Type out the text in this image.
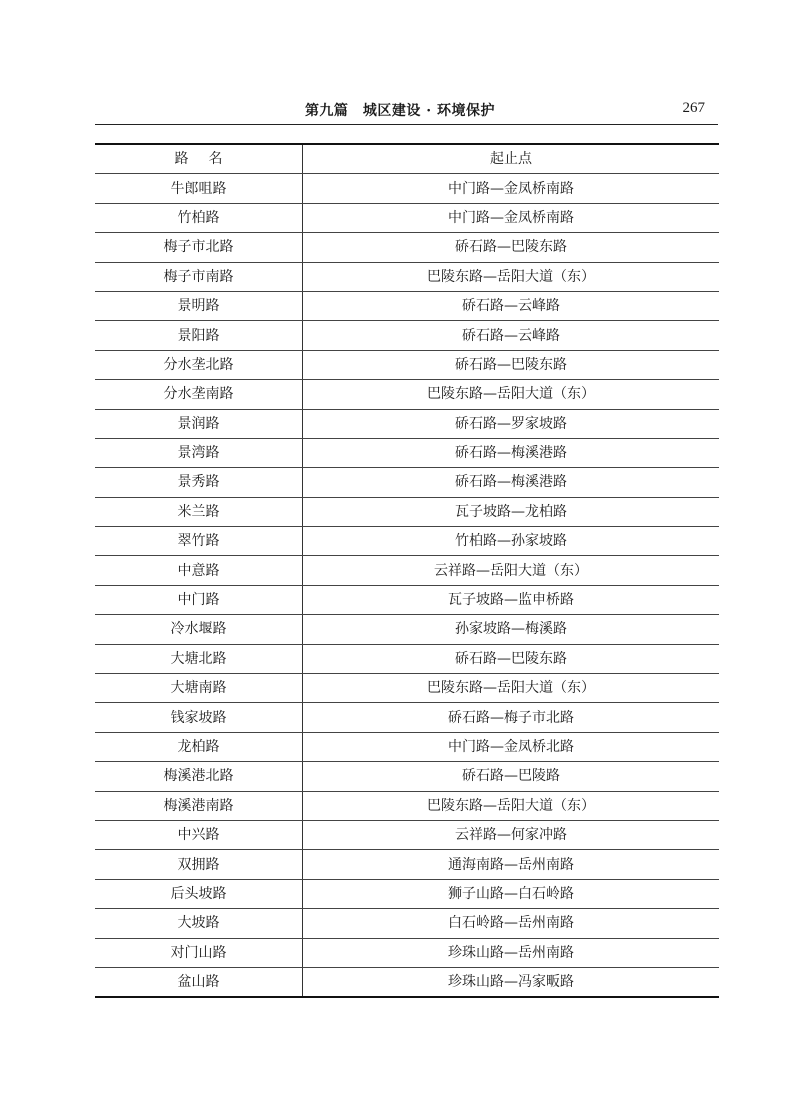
第九篇　城区建设 · 环境保护	267
路名	起止点
牛郎咀路	中门路—金凤桥南路
竹柏路	中门路—金凤桥南路
梅子市北路	硚石路—巴陵东路
梅子市南路	巴陵东路—岳阳大道（东）
景明路	硚石路—云峰路
景阳路	硚石路—云峰路
分水垄北路	硚石路—巴陵东路
分水垄南路	巴陵东路—岳阳大道（东）
景润路	硚石路—罗家坡路
景湾路	硚石路—梅溪港路
景秀路	硚石路—梅溪港路
米兰路	瓦子坡路—龙柏路
翠竹路	竹柏路—孙家坡路
中意路	云祥路—岳阳大道（东）
中门路	瓦子坡路—监申桥路
冷水堰路	孙家坡路—梅溪路
大塘北路	硚石路—巴陵东路
大塘南路	巴陵东路—岳阳大道（东）
钱家坡路	硚石路—梅子市北路
龙柏路	中门路—金凤桥北路
梅溪港北路	硚石路—巴陵路
梅溪港南路	巴陵东路—岳阳大道（东）
中兴路	云祥路—何家冲路
双拥路	通海南路—岳州南路
后头坡路	狮子山路—白石岭路
大坡路	白石岭路—岳州南路
对门山路	珍珠山路—岳州南路
盆山路	珍珠山路—冯家畈路
